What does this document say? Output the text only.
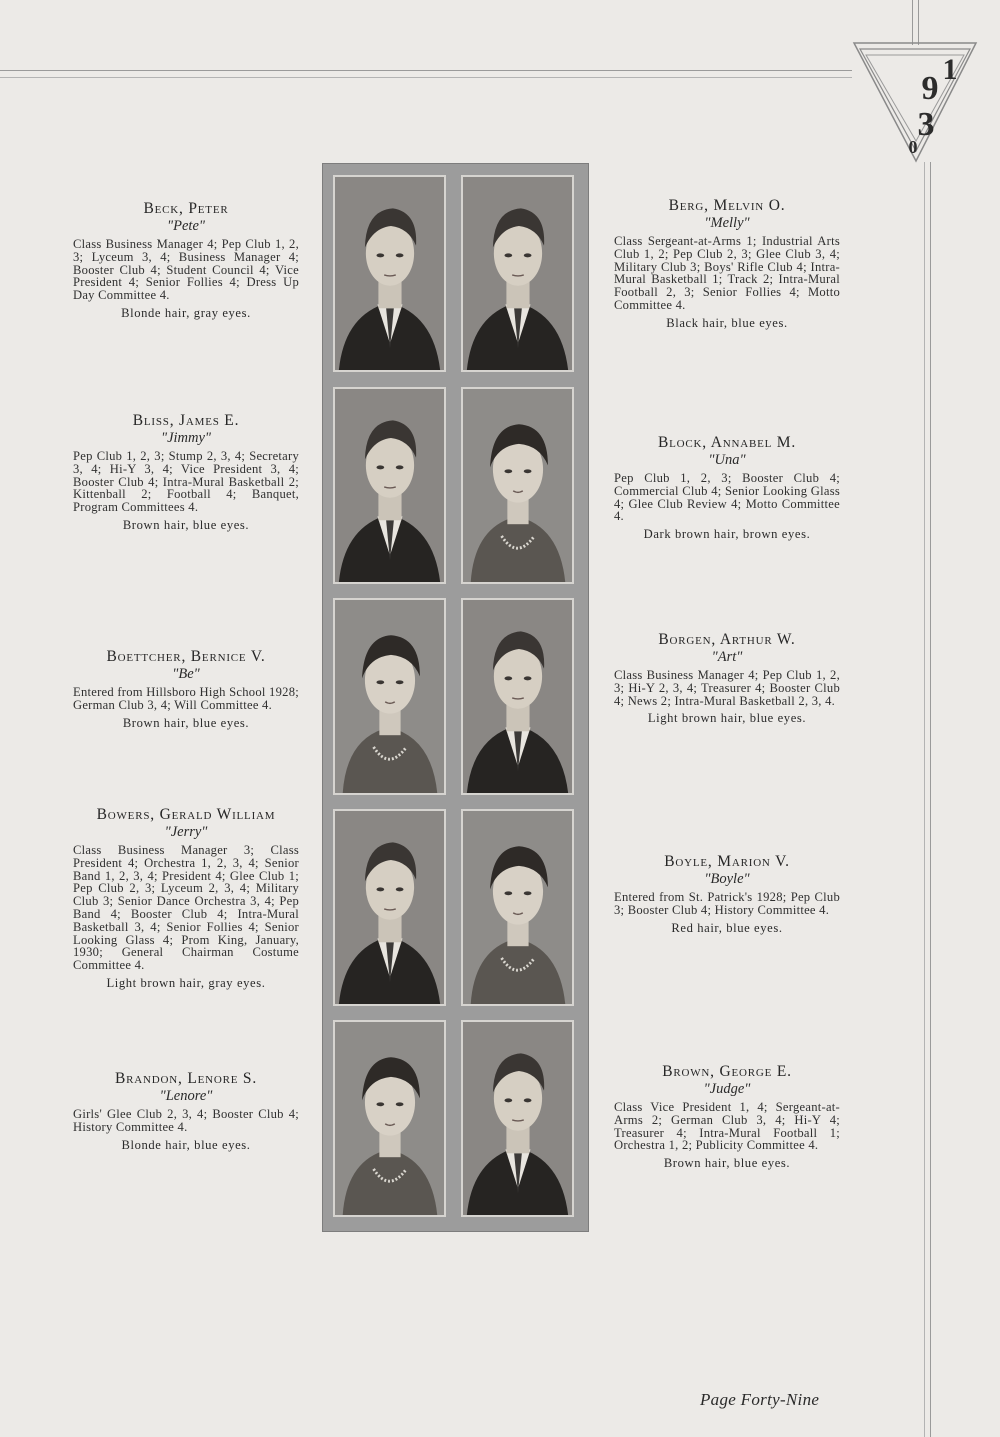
1
9
3
0
Beck, Peter
"Pete"
Class Business Manager 4; Pep Club 1, 2, 3; Lyceum 3, 4; Business Manager 4; Booster Club 4; Student Council 4; Vice President 4; Senior Follies 4; Dress Up Day Committee 4.
Blonde hair, gray eyes.
Bliss, James E.
"Jimmy"
Pep Club 1, 2, 3; Stump 2, 3, 4; Secretary 3, 4; Hi-Y 3, 4; Vice President 3, 4; Booster Club 4; Intra-Mural Basketball 2; Kittenball 2; Football 4; Banquet, Program Committees 4.
Brown hair, blue eyes.
Boettcher, Bernice V.
"Be"
Entered from Hillsboro High School 1928; German Club 3, 4; Will Committee 4.
Brown hair, blue eyes.
Bowers, Gerald William
"Jerry"
Class Business Manager 3; Class President 4; Orchestra 1, 2, 3, 4; Senior Band 1, 2, 3, 4; President 4; Glee Club 1; Pep Club 2, 3; Lyceum 2, 3, 4; Military Club 3; Senior Dance Orchestra 3, 4; Pep Band 4; Booster Club 4; Intra-Mural Basketball 3, 4; Senior Follies 4; Senior Looking Glass 4; Prom King, January, 1930; General Chairman Costume Committee 4.
Light brown hair, gray eyes.
Brandon, Lenore S.
"Lenore"
Girls' Glee Club 2, 3, 4; Booster Club 4; History Committee 4.
Blonde hair, blue eyes.
Berg, Melvin O.
"Melly"
Class Sergeant-at-Arms 1; Industrial Arts Club 1, 2; Pep Club 2, 3; Glee Club 3, 4; Military Club 3; Boys' Rifle Club 4; Intra-Mural Basketball 1; Track 2; Intra-Mural Football 2, 3; Senior Follies 4; Motto Committee 4.
Black hair, blue eyes.
Block, Annabel M.
"Una"
Pep Club 1, 2, 3; Booster Club 4; Commercial Club 4; Senior Looking Glass 4; Glee Club Review 4; Motto Committee 4.
Dark brown hair, brown eyes.
Borgen, Arthur W.
"Art"
Class Business Manager 4; Pep Club 1, 2, 3; Hi-Y 2, 3, 4; Treasurer 4; Booster Club 4; News 2; Intra-Mural Basketball 2, 3, 4.
Light brown hair, blue eyes.
Boyle, Marion V.
"Boyle"
Entered from St. Patrick's 1928; Pep Club 3; Booster Club 4; History Committee 4.
Red hair, blue eyes.
Brown, George E.
"Judge"
Class Vice President 1, 4; Sergeant-at-Arms 2; German Club 3, 4; Hi-Y 4; Treasurer 4; Intra-Mural Football 1; Orchestra 1, 2; Publicity Committee 4.
Brown hair, blue eyes.
Page Forty-Nine
